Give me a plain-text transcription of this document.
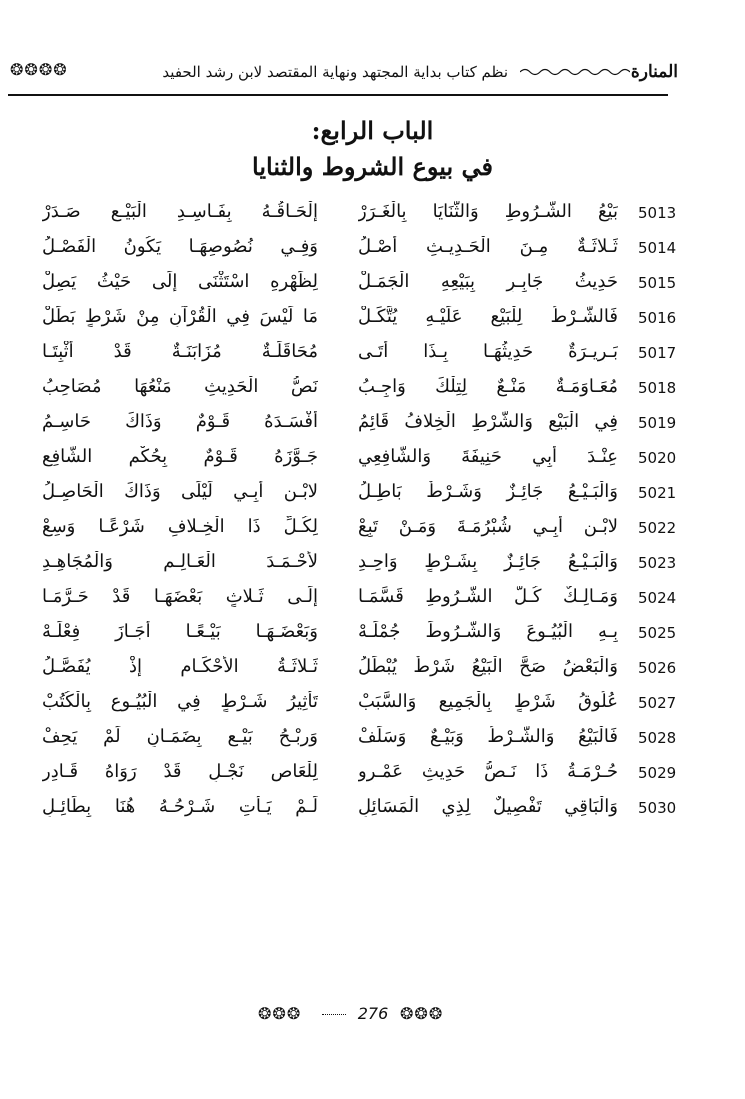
المنارة
نظم كتاب بداية المجتهد ونهاية المقتصد لابن رشد الحفيد
❂❂❂❂
الباب الرابع:
في بيوع الشروط والثنايا
5013
بَيْعُ الشُّـرُوطِ وَالثَّنَايَا بِالْغَـرَرْ
إِلْحَـاقُـهُ بِفَـاسِـدِ الْبَيْـعِ صَـدَرْ
5014
ثَـلاثَـةٌ مِـنَ الْحَـدِيـثِ أَصْـلُ
وَفِـي نُصُوصِهَـا يَكُونُ الْفَصْـلُ
5015
حَدِيثُ جَابِـرٍ بِبَيْعِهِ الْجَمَـلْ
لِظَهْرِهِ اسْتَثْنَى إِلَى حَيْثُ يَصِلْ
5016
فَالشَّـرْطُ لِلْبَيْعِ عَلَيْـهِ يُتَّكَـلْ
مَا لَيْسَ فِي الْقُرْآنِ مِنْ شَرْطٍ بَطَلْ
5017
بَـرِيـرَةٌ حَدِيثُهَـا بِـذَا أَتَـى
مُحَاقَلَـةٌ مُزَابَنَـةٌ قَدْ أُثْبِتَـا
5018
مُعَـاوَمَـةٌ مَنْـعٌ لِتِلْكَ وَاجِـبُ
نَصُّ الْحَدِيثِ مَنْعُهَا مُصَاحِبُ
5019
فِي الْبَيْعِ وَالشَّرْطِ الْخِلافُ قَائِمُ
أَفْسَـدَهُ قَـوْمٌ وَذَاكَ حَاسِـمُ
5020
عِنْـدَ أَبِي حَنِيفَةَ وَالشَّافِعِي
جَـوَّزَهُ قَـوْمٌ بِحُكْمِ الشَّافِعِ
5021
وَالْبَـيْـعُ جَائِـزٌ وَشَـرْطٌ بَاطِـلُ
لابْـنِ أَبِـي لَيْلَى وَذَاكَ الْحَاصِـلُ
5022
لابْـنِ أَبِـي شُبْرُمَـةَ وَمَـنْ تَبِعْ
لِكُـلِّ ذَا الْخِـلافِ شَرْعًـا وَسِعْ
5023
وَالْبَـيْـعُ جَائِـزٌ بِشَـرْطٍ وَاحِـدِ
لأَحْـمَـدَ الْعَـالِـمِ وَالْمُجَاهِـدِ
5024
وَمَـالِـكٌ كُـلَّ الشُّـرُوطِ قَسَّمَـا
إِلَـى ثَـلاثٍ بَعْضَهَـا قَدْ حَـرَّمَـا
5025
بِـهِ الْبُيُـوعَ وَالشُّـرُوطَ جُمْلَـهْ
وَبَعْضَـهَـا بَيْـعًـا أَجَـازَ فِعْلَـهْ
5026
وَالْبَعْضُ صَحَّ الْبَيْعُ شَرْطٌ يُبْطَلُ
ثَـلاثَـةُ الأَحْكَـامِ إِذْ يُفَصَّـلُ
5027
عُلُوقُ شَرْطٍ بِالْجَمِيعِ وَالسَّبَبْ
تَأْثِيرُ شَـرْطٍ فِي الْبُيُـوعِ بِالْكُتُبْ
5028
فَالْبَيْعُ وَالشَّـرْطُ وَبَيْـعٌ وَسَلَفْ
وَرِبْـحُ بَيْـعٍ بِضَمَـانٍ لَمْ يَحِفْ
5029
حُـرْمَـةُ ذَا نَـصُّ حَدِيثِ عَمْـرِو
لِلْعَاصِ نَجْـلِ قَدْ رَوَاهُ قَـادِرِ
5030
وَالْبَاقِي تَفْصِيلٌ لِذِي الْمَسَائِلِ
لَـمْ يَـأْتِ شَـرْحُـهُ هُنَا بِطَائِـلِ
❂❂❂	276 ❂❂❂
